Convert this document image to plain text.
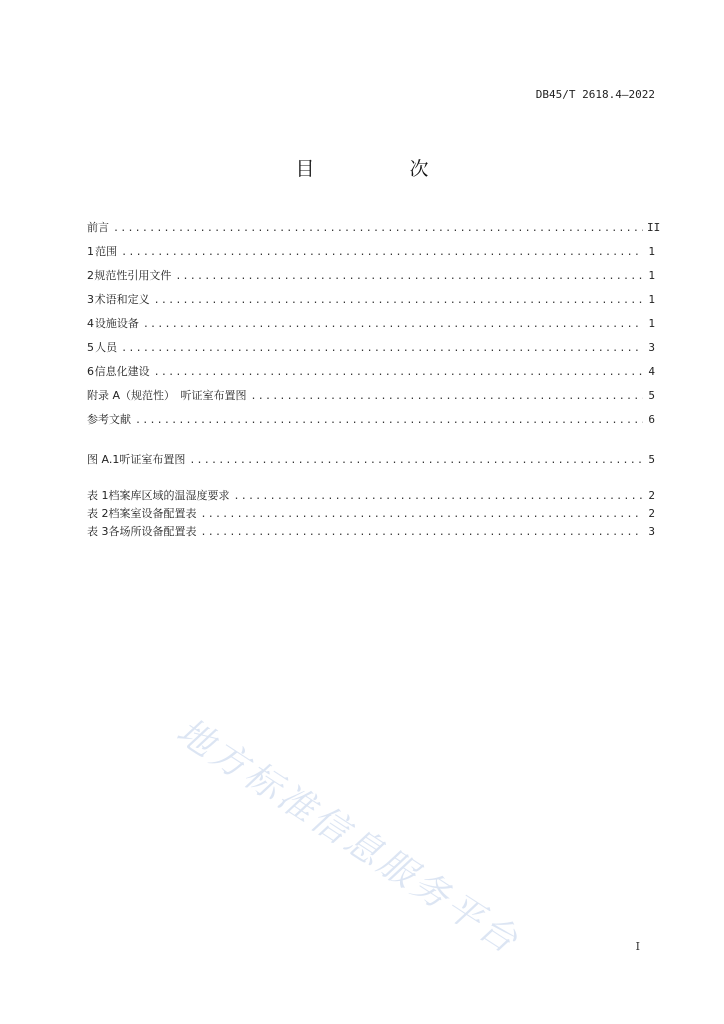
DB45/T 2618.4—2022
目　次
前言 .....	II
1 范围 .....	1
2 规范性引用文件 .....	1
3 术语和定义 .....	1
4 设施设备 .....	1
5 人员 .....	3
6 信息化建设 .....	4
附录 A（规范性）　听证室布置图 .....	5
参考文献 .....	6
图 A.1 听证室布置图 .....	5
表 1 档案库区域的温湿度要求 .....	2
表 2 档案室设备配置表 .....	2
表 3 各场所设备配置表 .....	3
地方标准信息服务平台	I
